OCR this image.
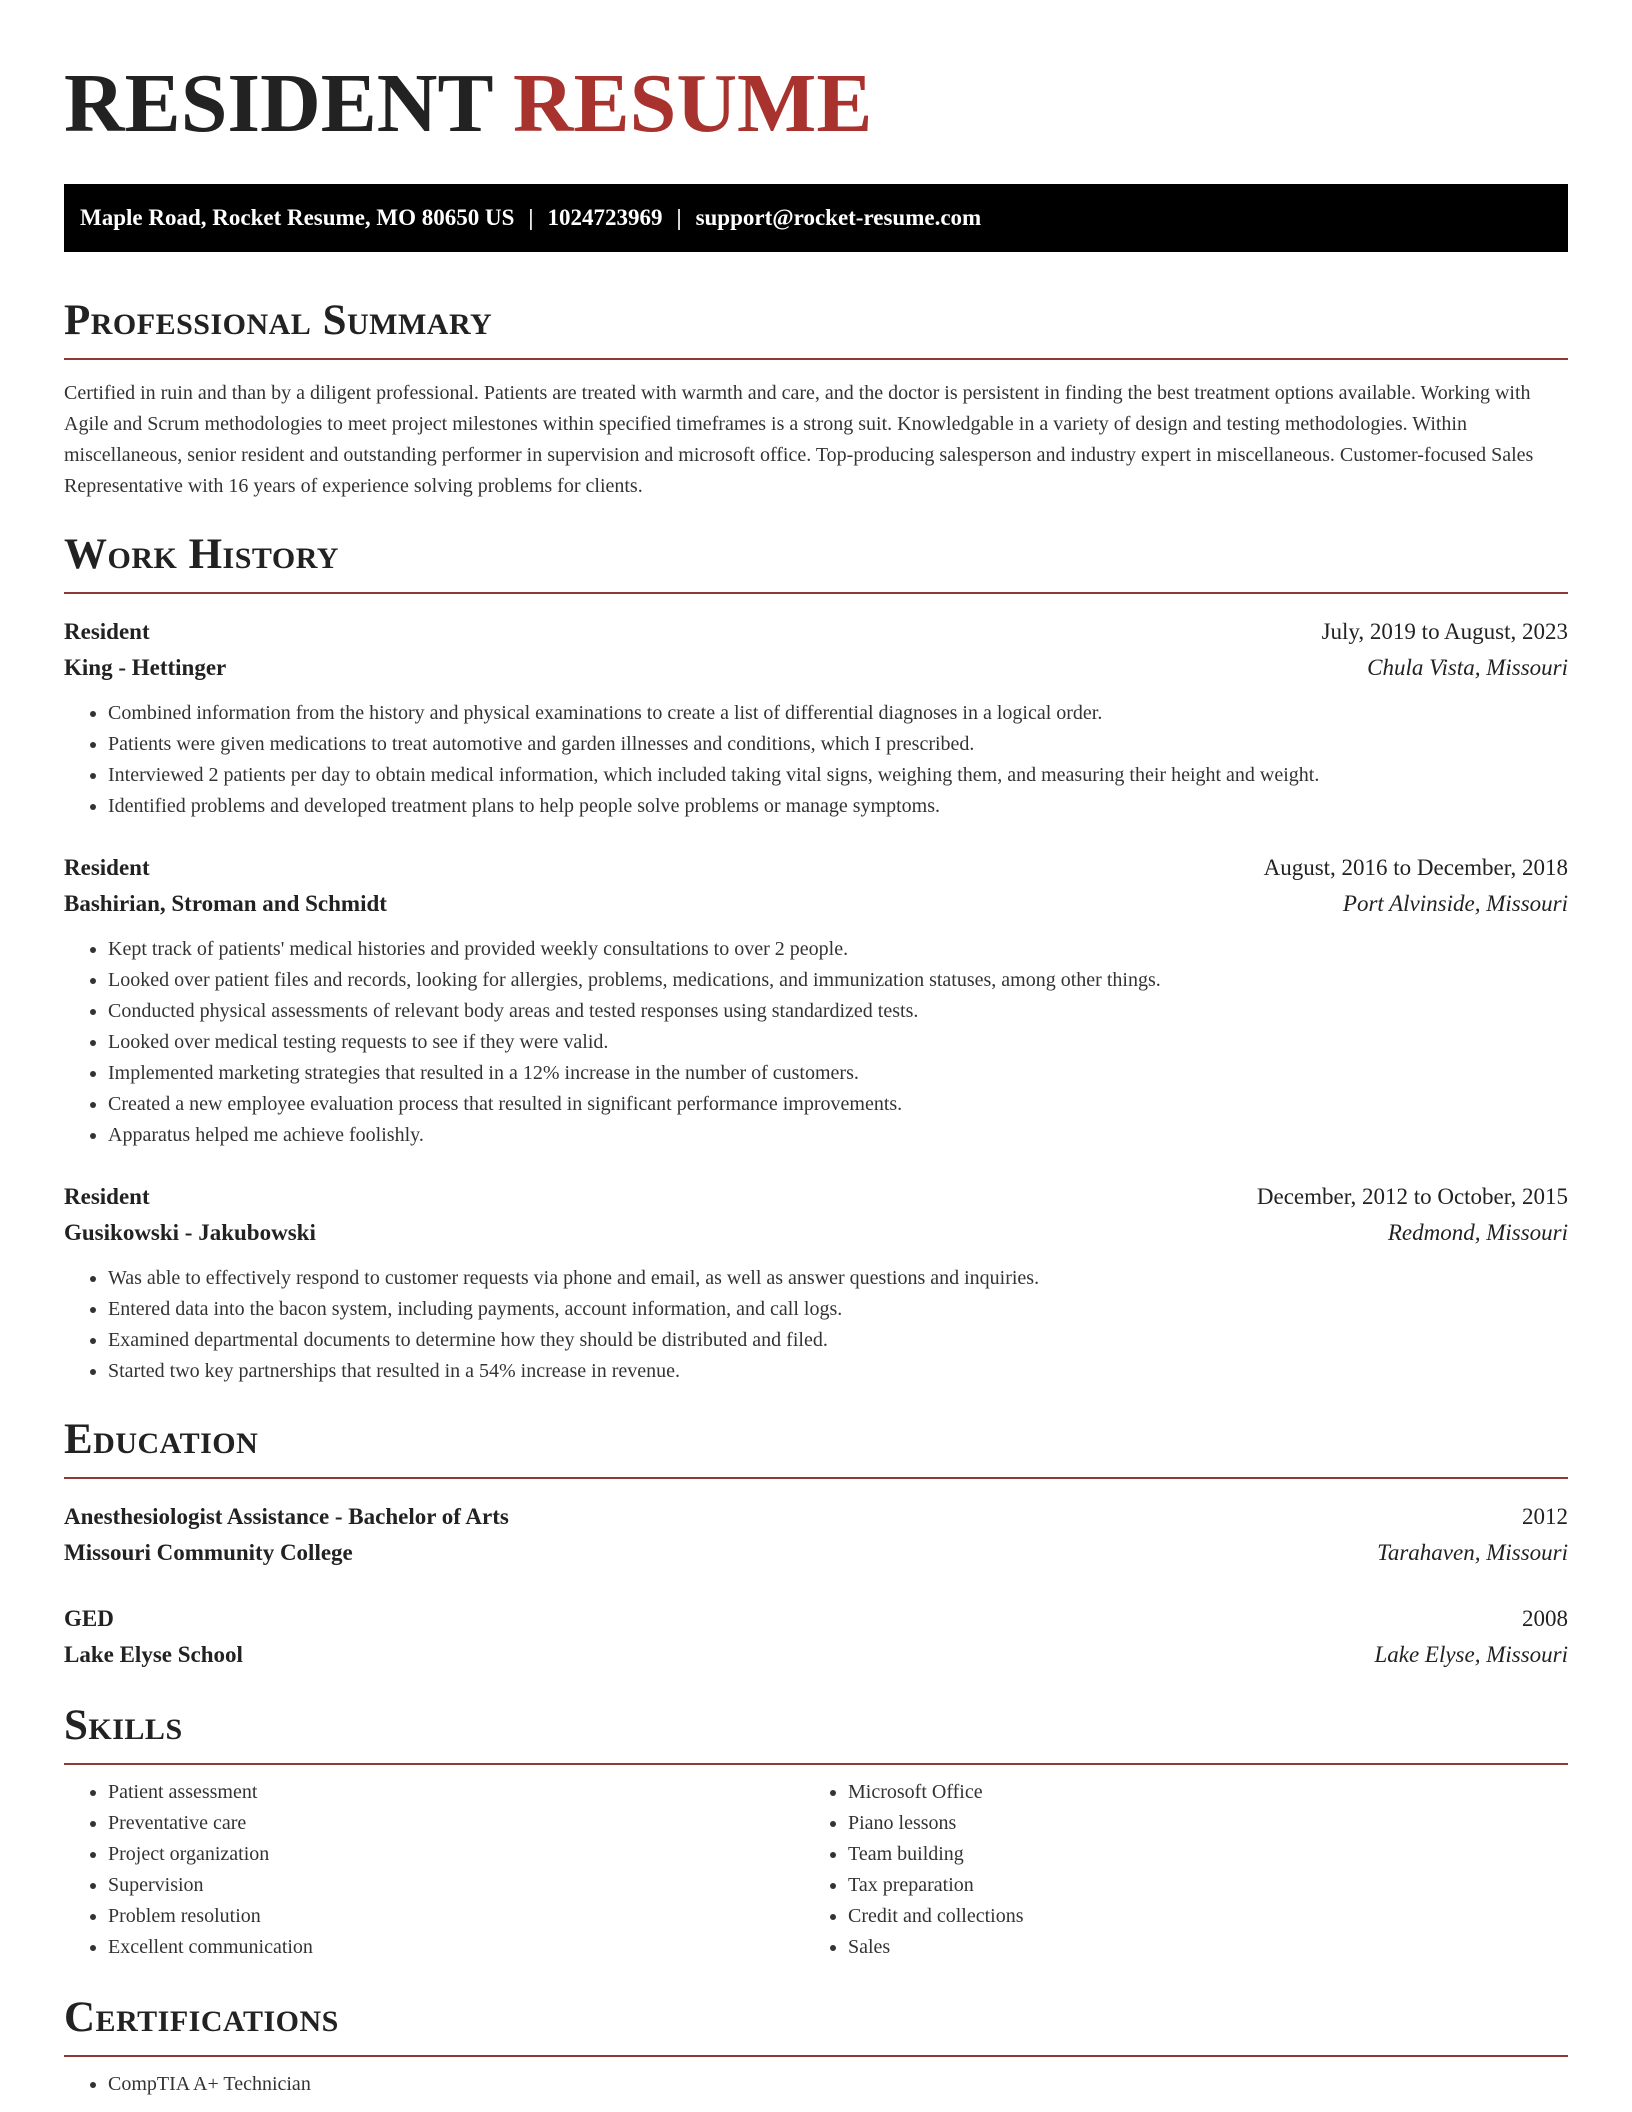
RESIDENT RESUME
Maple Road, Rocket Resume, MO 80650 US | 1024723969 | support@rocket-resume.com
Professional Summary

Certified in ruin and than by a diligent professional. Patients are treated with warmth and care, and the doctor is persistent in finding the best treatment options available. Working with Agile and Scrum methodologies to meet project milestones within specified timeframes is a strong suit. Knowledgable in a variety of design and testing methodologies. Within miscellaneous, senior resident and outstanding performer in supervision and microsoft office. Top-producing salesperson and industry expert in miscellaneous. Customer-focused Sales Representative with 16 years of experience solving problems for clients.

Work History
Resident	July, 2019 to August, 2023
King - Hettinger	Chula Vista, Missouri
• Combined information from the history and physical examinations to create a list of differential diagnoses in a logical order.
• Patients were given medications to treat automotive and garden illnesses and conditions, which I prescribed.
• Interviewed 2 patients per day to obtain medical information, which included taking vital signs, weighing them, and measuring their height and weight.
• Identified problems and developed treatment plans to help people solve problems or manage symptoms.
Resident	August, 2016 to December, 2018
Bashirian, Stroman and Schmidt	Port Alvinside, Missouri
• Kept track of patients' medical histories and provided weekly consultations to over 2 people.
• Looked over patient files and records, looking for allergies, problems, medications, and immunization statuses, among other things.
• Conducted physical assessments of relevant body areas and tested responses using standardized tests.
• Looked over medical testing requests to see if they were valid.
• Implemented marketing strategies that resulted in a 12% increase in the number of customers.
• Created a new employee evaluation process that resulted in significant performance improvements.
• Apparatus helped me achieve foolishly.
Resident	December, 2012 to October, 2015
Gusikowski - Jakubowski	Redmond, Missouri
• Was able to effectively respond to customer requests via phone and email, as well as answer questions and inquiries.
• Entered data into the bacon system, including payments, account information, and call logs.
• Examined departmental documents to determine how they should be distributed and filed.
• Started two key partnerships that resulted in a 54% increase in revenue.
Education
Anesthesiologist Assistance - Bachelor of Arts	2012
Missouri Community College	Tarahaven, Missouri
GED	2008
Lake Elyse School	Lake Elyse, Missouri
Skills
• Patient assessment
• Preventative care
• Project organization
• Supervision
• Problem resolution
• Excellent communication
• Microsoft Office
• Piano lessons
• Team building
• Tax preparation
• Credit and collections
• Sales
Certifications
• CompTIA A+ Technician
